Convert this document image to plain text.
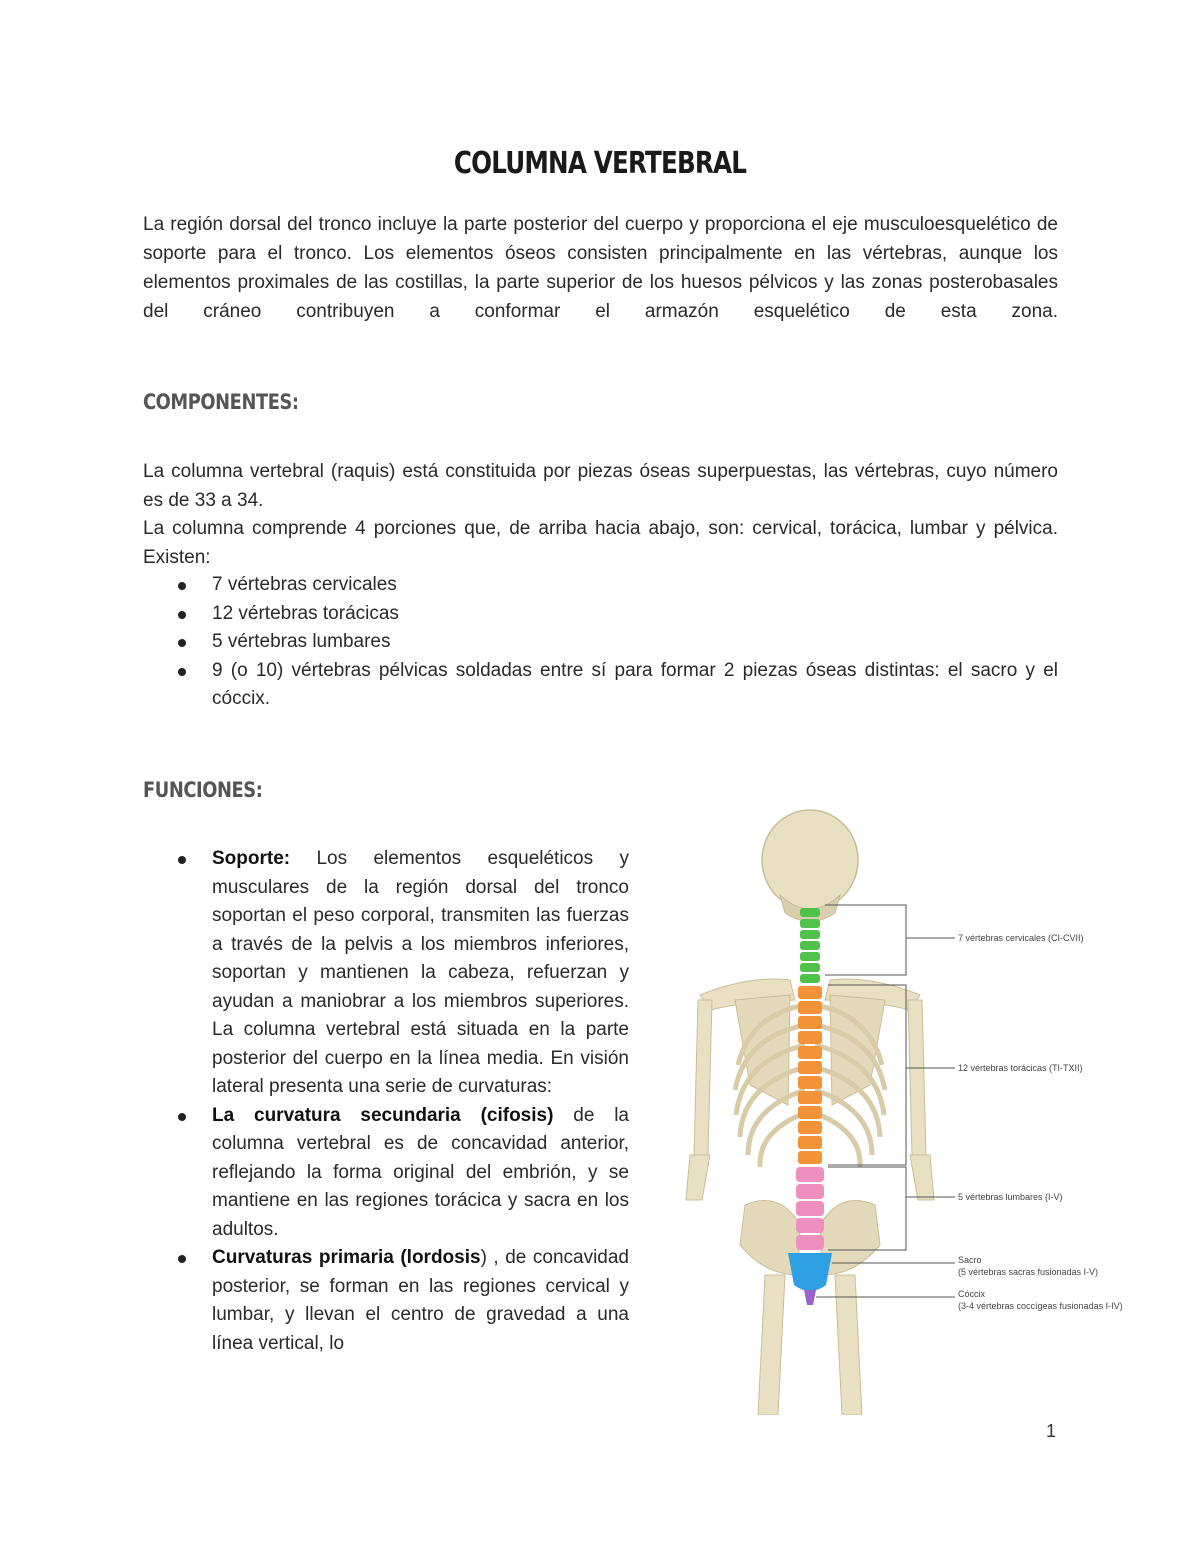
COLUMNA VERTEBRAL
La región dorsal del tronco incluye la parte posterior del cuerpo y proporciona el eje musculoesquelético de soporte para el tronco. Los elementos óseos consisten principalmente en las vértebras, aunque los elementos proximales de las costillas, la parte superior de los huesos pélvicos y las zonas posterobasales del cráneo contribuyen a conformar el armazón esquelético de esta zona.
COMPONENTES:
La columna vertebral (raquis) está constituida por piezas óseas superpuestas, las vértebras, cuyo número es de 33 a 34.
La columna comprende 4 porciones que, de arriba hacia abajo, son: cervical, torácica, lumbar y pélvica. Existen:
7 vértebras cervicales
12 vértebras torácicas
5 vértebras lumbares
9 (o 10) vértebras pélvicas soldadas entre sí para formar 2 piezas óseas distintas: el sacro y el cóccix.
FUNCIONES:
Soporte: Los elementos esqueléticos y musculares de la región dorsal del tronco soportan el peso corporal, transmiten las fuerzas a través de la pelvis a los miembros inferiores, soportan y mantienen la cabeza, refuerzan y ayudan a maniobrar a los miembros superiores. La columna vertebral está situada en la parte posterior del cuerpo en la línea media. En visión lateral presenta una serie de curvaturas:
La curvatura secundaria (cifosis) de la columna vertebral es de concavidad anterior, reflejando la forma original del embrión, y se mantiene en las regiones torácica y sacra en los adultos.
Curvaturas primaria (lordosis) , de concavidad posterior, se forman en las regiones cervical y lumbar, y llevan el centro de gravedad a una línea vertical, lo
7 vértebras cervicales (CI-CVII)
12 vértebras torácicas (TI-TXII)
5 vértebras lumbares (I-V)
Sacro
(5 vértebras sacras fusionadas I-V)
Cóccix
(3-4 vértebras coccígeas fusionadas I-IV)
1
